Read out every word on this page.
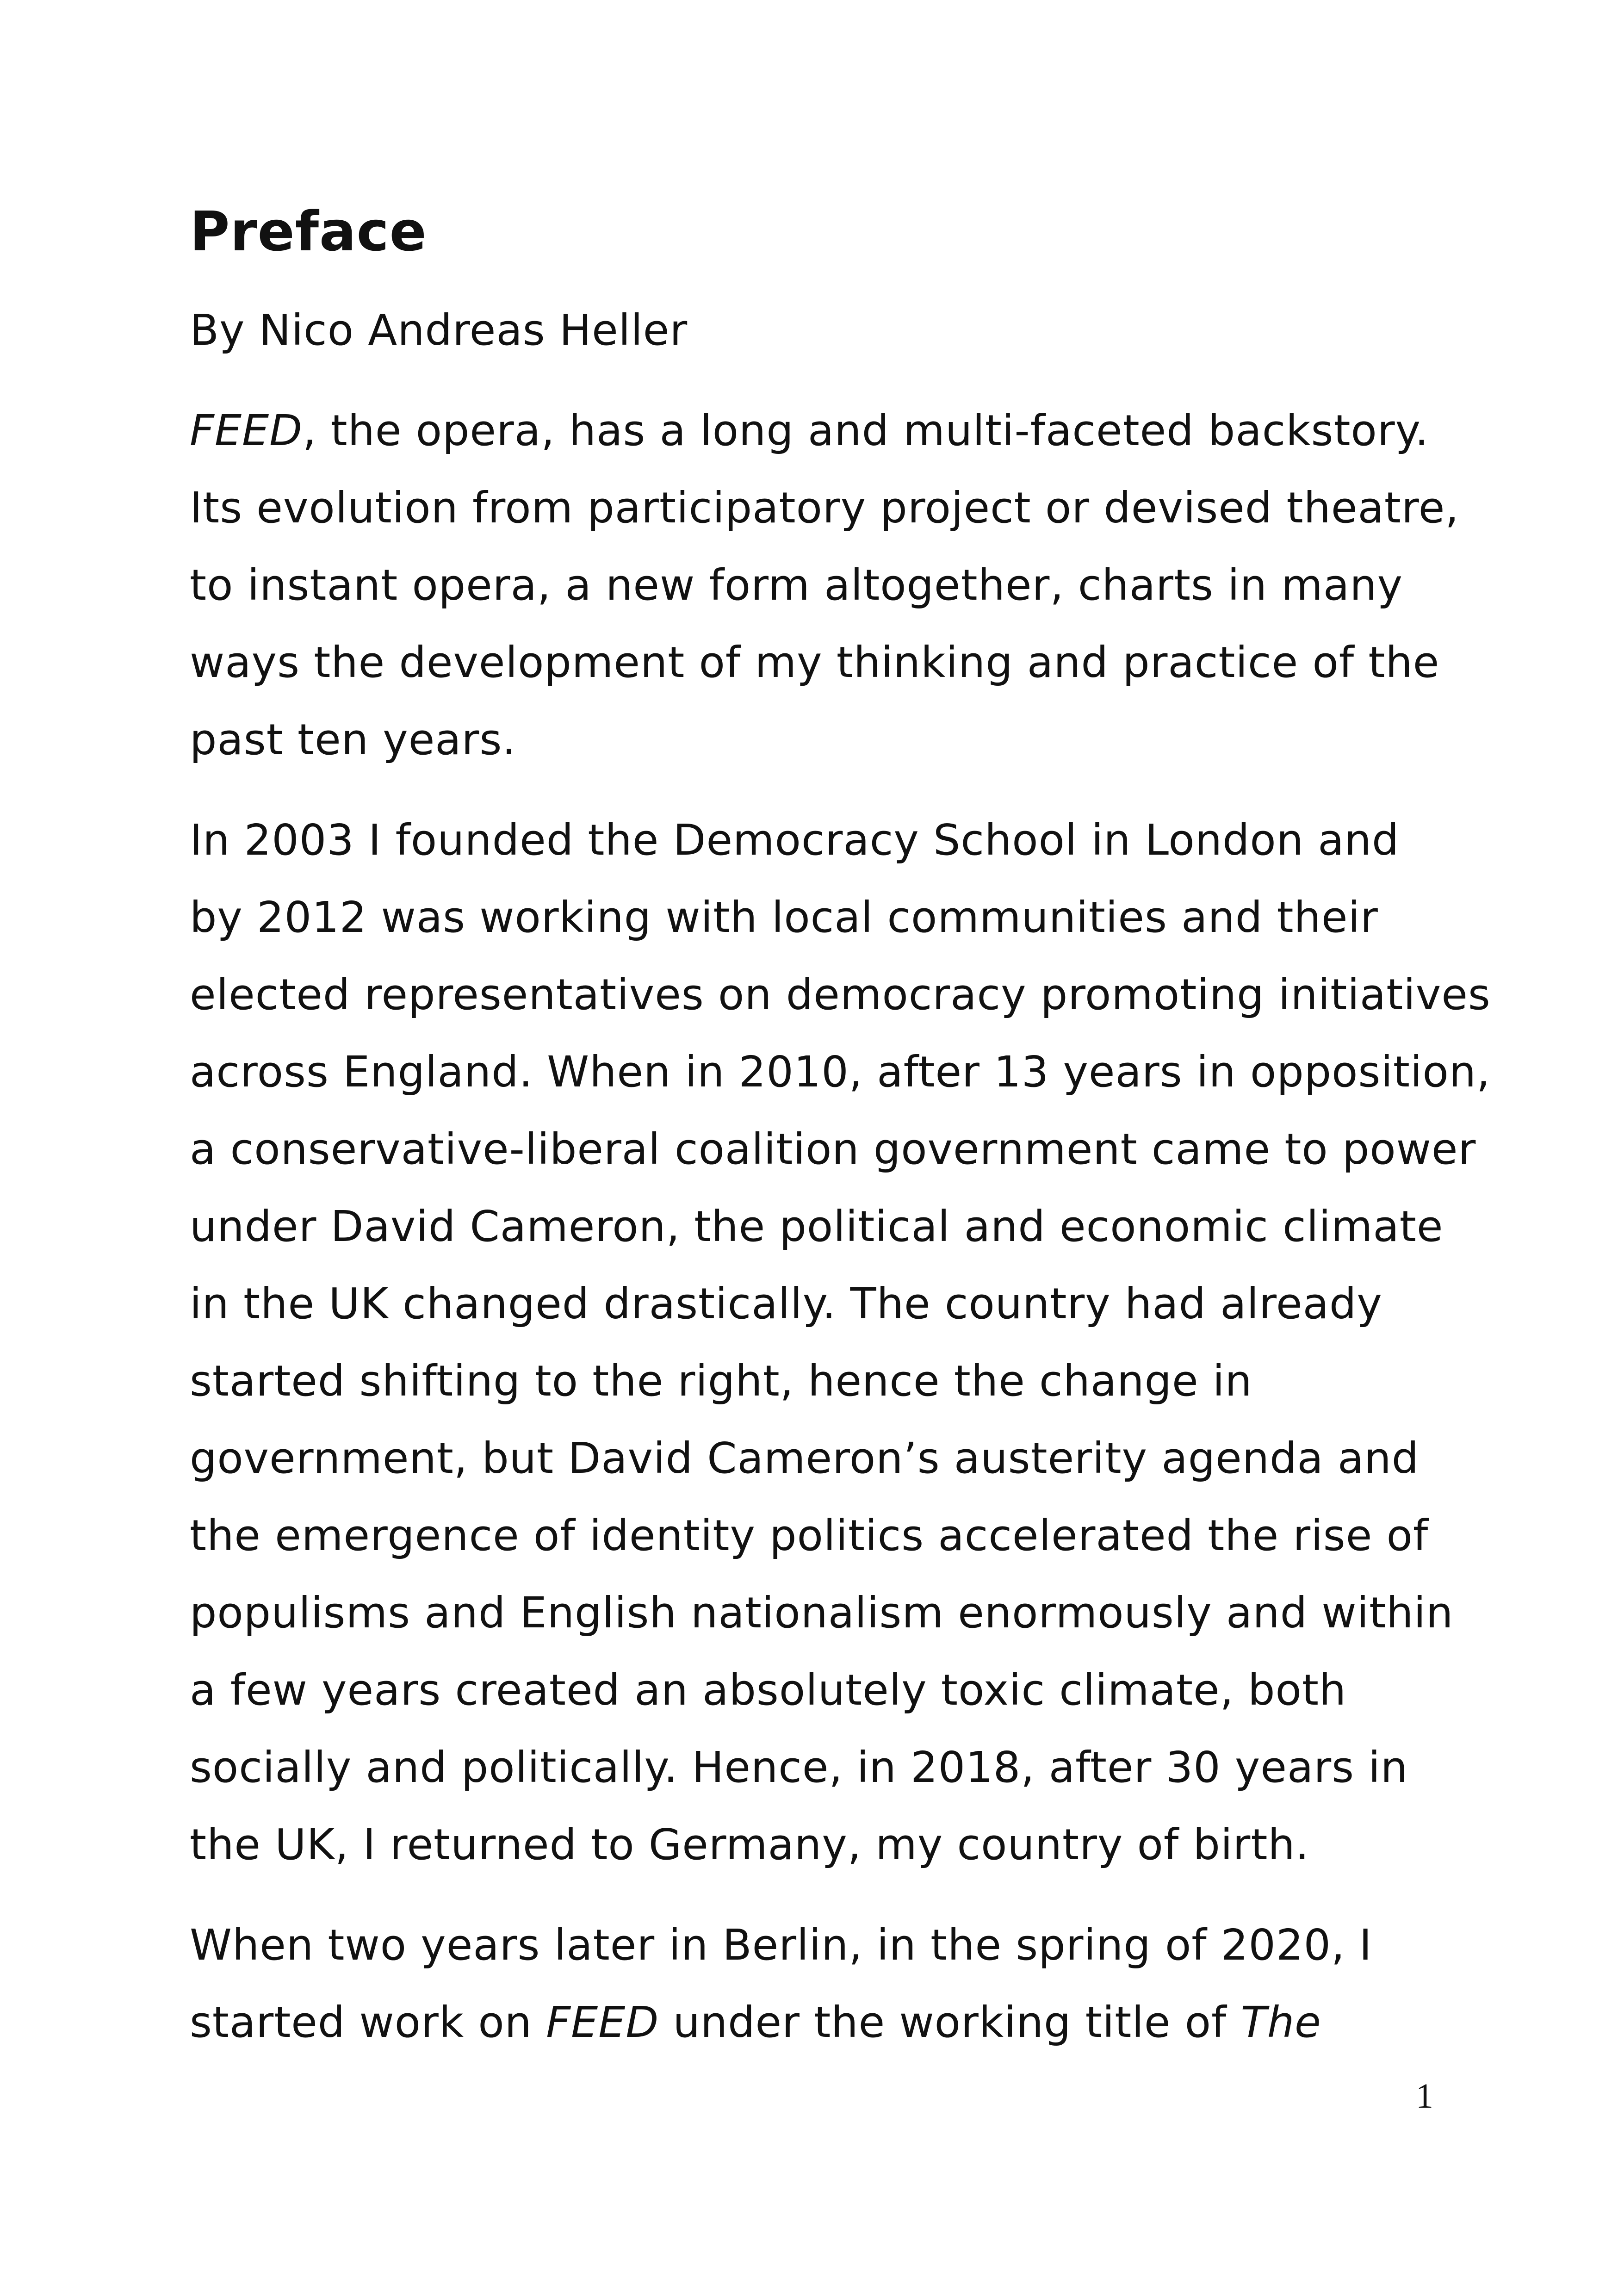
Preface
By Nico Andreas Heller
FEED, the opera, has a long and multi-faceted backstory.
Its evolution from participatory project or devised theatre,
to instant opera, a new form altogether, charts in many
ways the development of my thinking and practice of the
past ten years.
In 2003 I founded the Democracy School in London and
by 2012 was working with local communities and their
elected representatives on democracy promoting initiatives
across England. When in 2010, after 13 years in opposition,
a conservative-liberal coalition government came to power
under David Cameron, the political and economic climate
in the UK changed drastically. The country had already
started shifting to the right, hence the change in
government, but David Cameron’s austerity agenda and
the emergence of identity politics accelerated the rise of
populisms and English nationalism enormously and within
a few years created an absolutely toxic climate, both
socially and politically. Hence, in 2018, after 30 years in
the UK, I returned to Germany, my country of birth.
When two years later in Berlin, in the spring of 2020, I
started work on FEED under the working title of The
1
